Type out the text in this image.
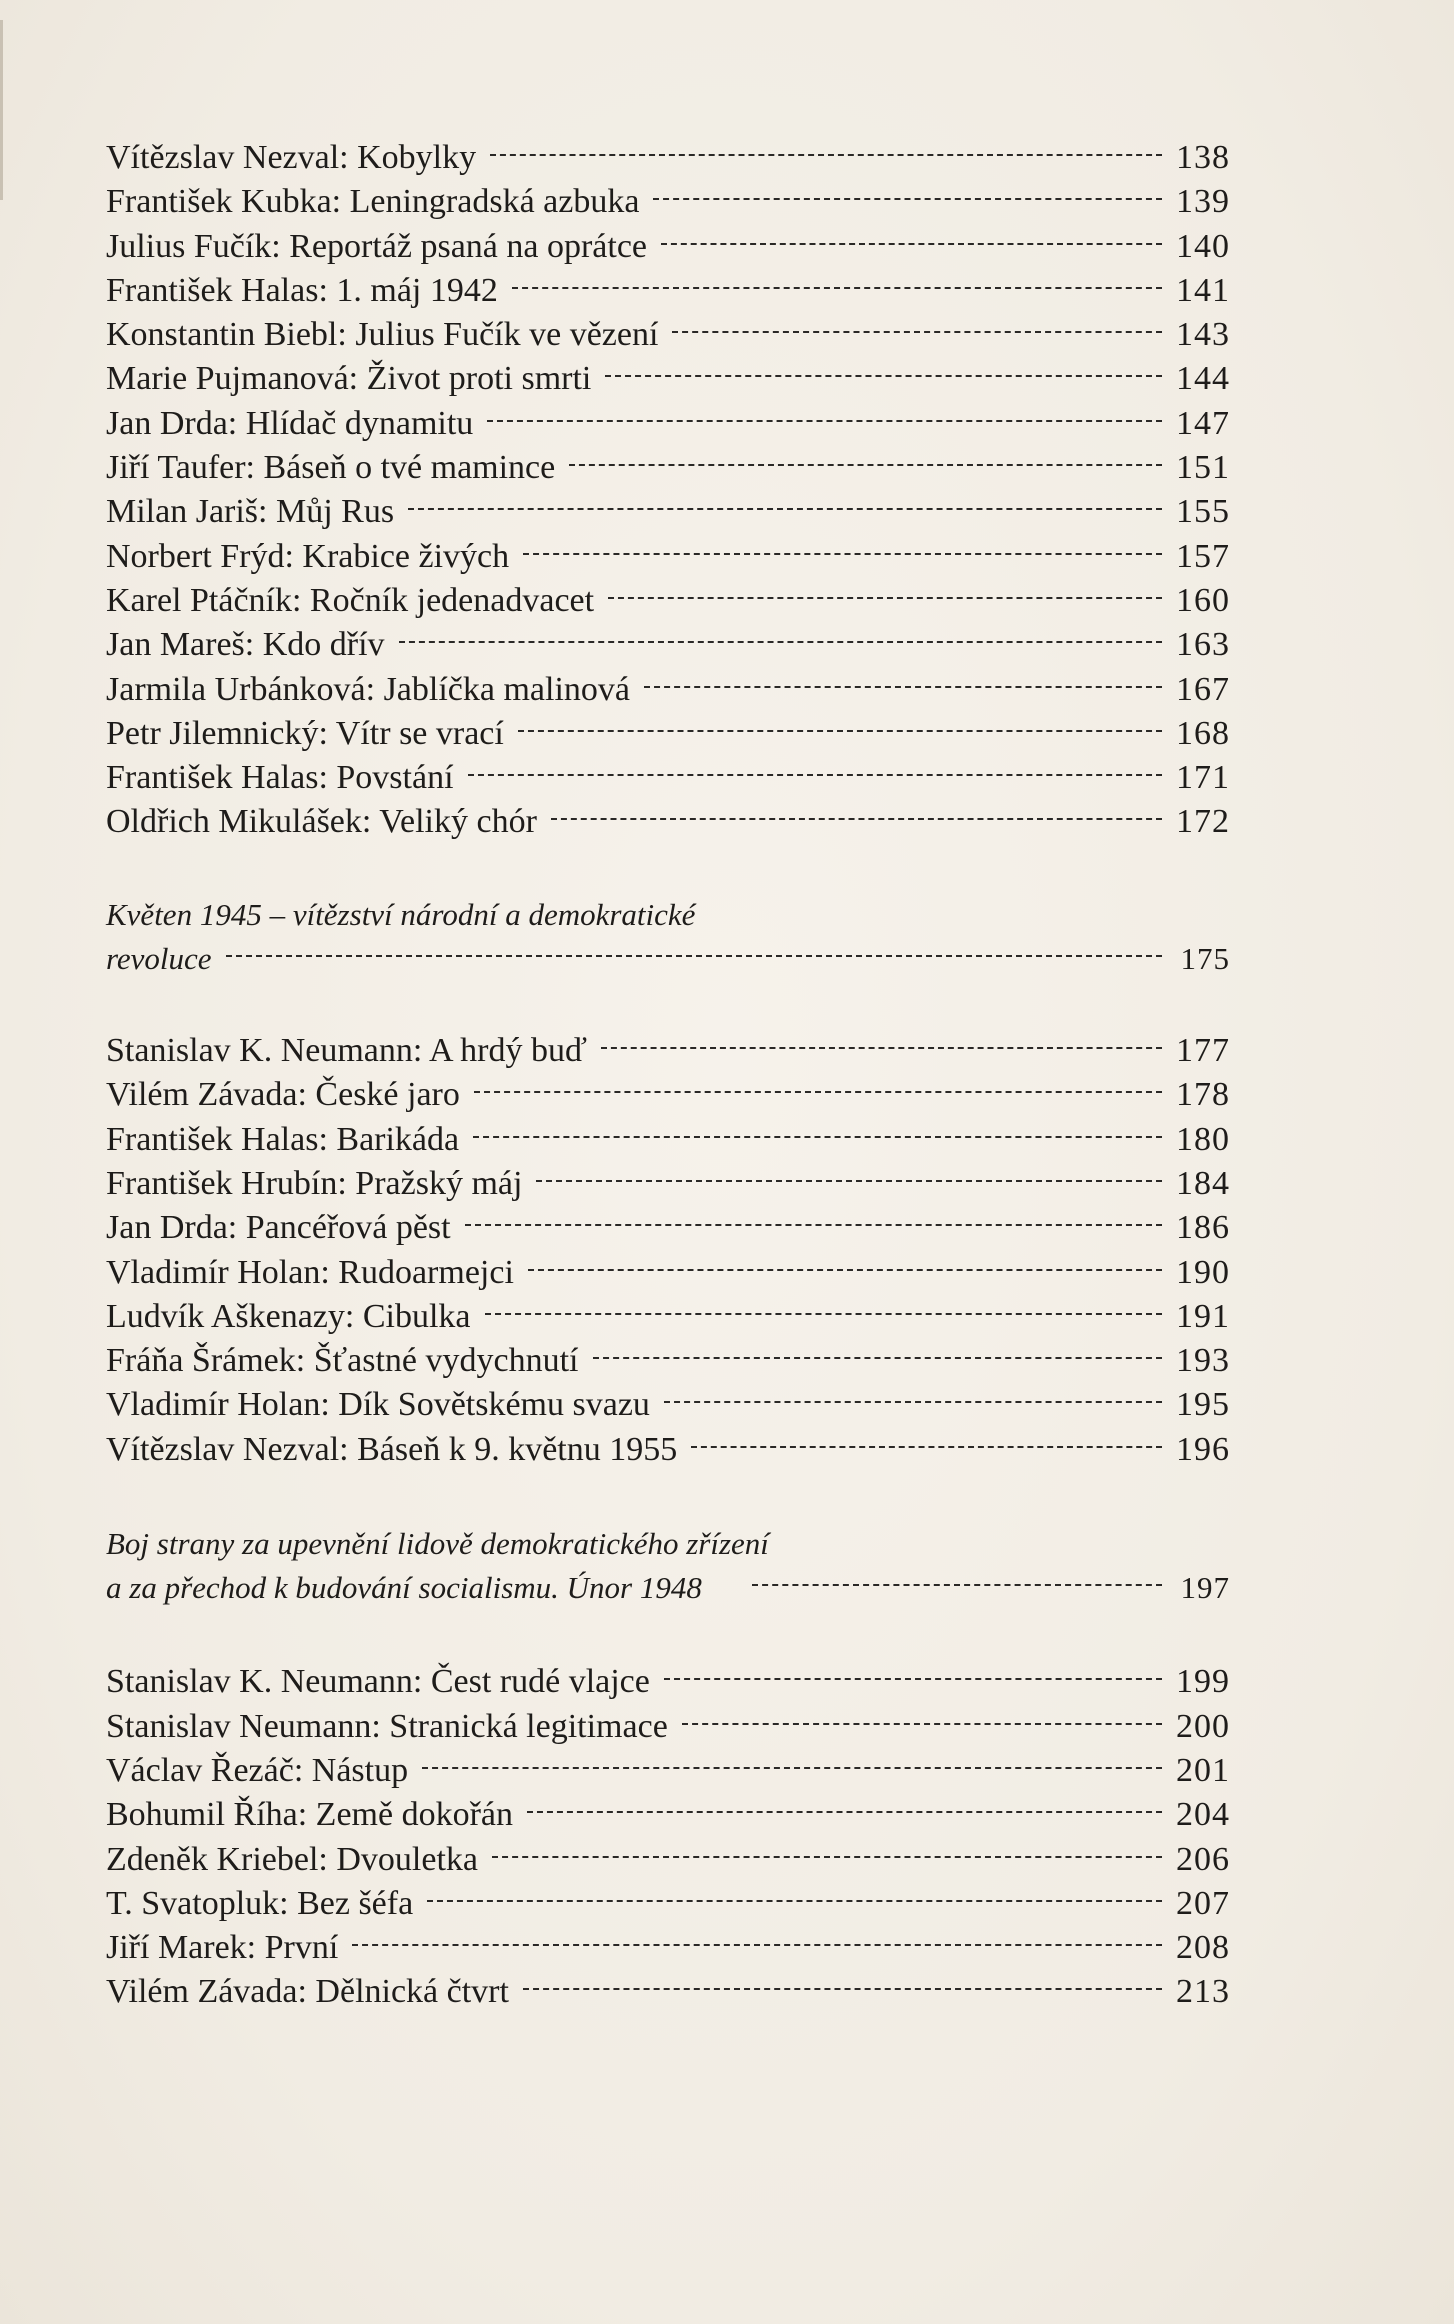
Vítězslav Nezval: Kobylky	138
František Kubka: Leningradská azbuka	139
Julius Fučík: Reportáž psaná na oprátce	140
František Halas: 1. máj 1942	141
Konstantin Biebl: Julius Fučík ve vězení	143
Marie Pujmanová: Život proti smrti	144
Jan Drda: Hlídač dynamitu	147
Jiří Taufer: Báseň o tvé mamince	151
Milan Jariš: Můj Rus	155
Norbert Frýd: Krabice živých	157
Karel Ptáčník: Ročník jedenadvacet	160
Jan Mareš: Kdo dřív	163
Jarmila Urbánková: Jablíčka malinová	167
Petr Jilemnický: Vítr se vrací	168
František Halas: Povstání	171
Oldřich Mikulášek: Veliký chór	172
Květen 1945 – vítězství národní a demokratické
revoluce	175
Stanislav K. Neumann: A hrdý buď	177
Vilém Závada: České jaro	178
František Halas: Barikáda	180
František Hrubín: Pražský máj	184
Jan Drda: Pancéřová pěst	186
Vladimír Holan: Rudoarmejci	190
Ludvík Aškenazy: Cibulka	191
Fráňa Šrámek: Šťastné vydychnutí	193
Vladimír Holan: Dík Sovětskému svazu	195
Vítězslav Nezval: Báseň k 9. květnu 1955	196
Boj strany za upevnění lidově demokratického zřízení
a za přechod k budování socialismu. Únor 1948	197
Stanislav K. Neumann: Čest rudé vlajce	199
Stanislav Neumann: Stranická legitimace	200
Václav Řezáč: Nástup	201
Bohumil Říha: Země dokořán	204
Zdeněk Kriebel: Dvouletka	206
T. Svatopluk: Bez šéfa	207
Jiří Marek: První	208
Vilém Závada: Dělnická čtvrt	213
